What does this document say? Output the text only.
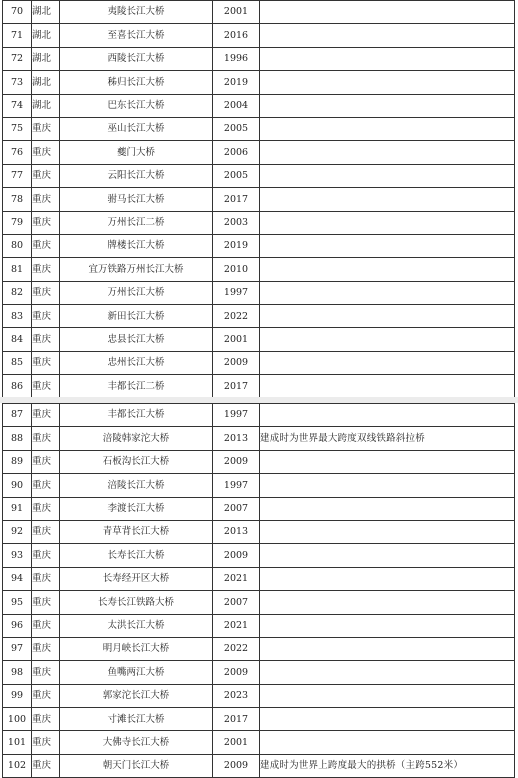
70	湖北	夷陵长江大桥	2001	
71	湖北	至喜长江大桥	2016	
72	湖北	西陵长江大桥	1996	
73	湖北	秭归长江大桥	2019	
74	湖北	巴东长江大桥	2004	
75	重庆	巫山长江大桥	2005	
76	重庆	夔门大桥	2006	
77	重庆	云阳长江大桥	2005	
78	重庆	驸马长江大桥	2017	
79	重庆	万州长江二桥	2003	
80	重庆	牌楼长江大桥	2019	
81	重庆	宜万铁路万州长江大桥	2010	
82	重庆	万州长江大桥	1997	
83	重庆	新田长江大桥	2022	
84	重庆	忠县长江大桥	2001	
85	重庆	忠州长江大桥	2009	
86	重庆	丰都长江二桥	2017	
87	重庆	丰都长江大桥	1997	
88	重庆	涪陵韩家沱大桥	2013	建成时为世界最大跨度双线铁路斜拉桥
89	重庆	石板沟长江大桥	2009	
90	重庆	涪陵长江大桥	1997	
91	重庆	李渡长江大桥	2007	
92	重庆	青草背长江大桥	2013	
93	重庆	长寿长江大桥	2009	
94	重庆	长寿经开区大桥	2021	
95	重庆	长寿长江铁路大桥	2007	
96	重庆	太洪长江大桥	2021	
97	重庆	明月峡长江大桥	2022	
98	重庆	鱼嘴两江大桥	2009	
99	重庆	郭家沱长江大桥	2023	
100	重庆	寸滩长江大桥	2017	
101	重庆	大佛寺长江大桥	2001	
102	重庆	朝天门长江大桥	2009	建成时为世界上跨度最大的拱桥（主跨552米）
